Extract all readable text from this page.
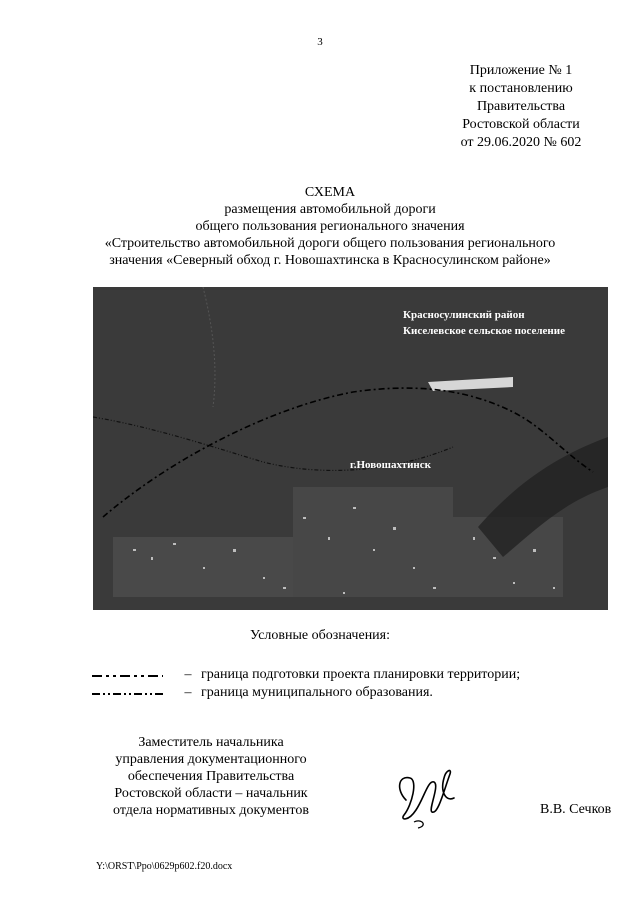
3
Приложение № 1
к постановлению
Правительства
Ростовской области
от 29.06.2020 № 602
СХЕМА
размещения автомобильной дороги
общего пользования регионального значения
«Строительство автомобильной дороги общего пользования регионального
значения «Северный обход г. Новошахтинска в Красносулинском районе»
Красносулинский район
Киселевское сельское поселение
г.Новошахтинск
Условные обозначения:
– граница подготовки проекта планировки территории;
– граница муниципального образования.
Заместитель начальника
управления документационного
обеспечения Правительства
Ростовской области – начальник
отдела нормативных документов	В.В. Сечков
Y:\ORST\Ppo\0629p602.f20.docx
